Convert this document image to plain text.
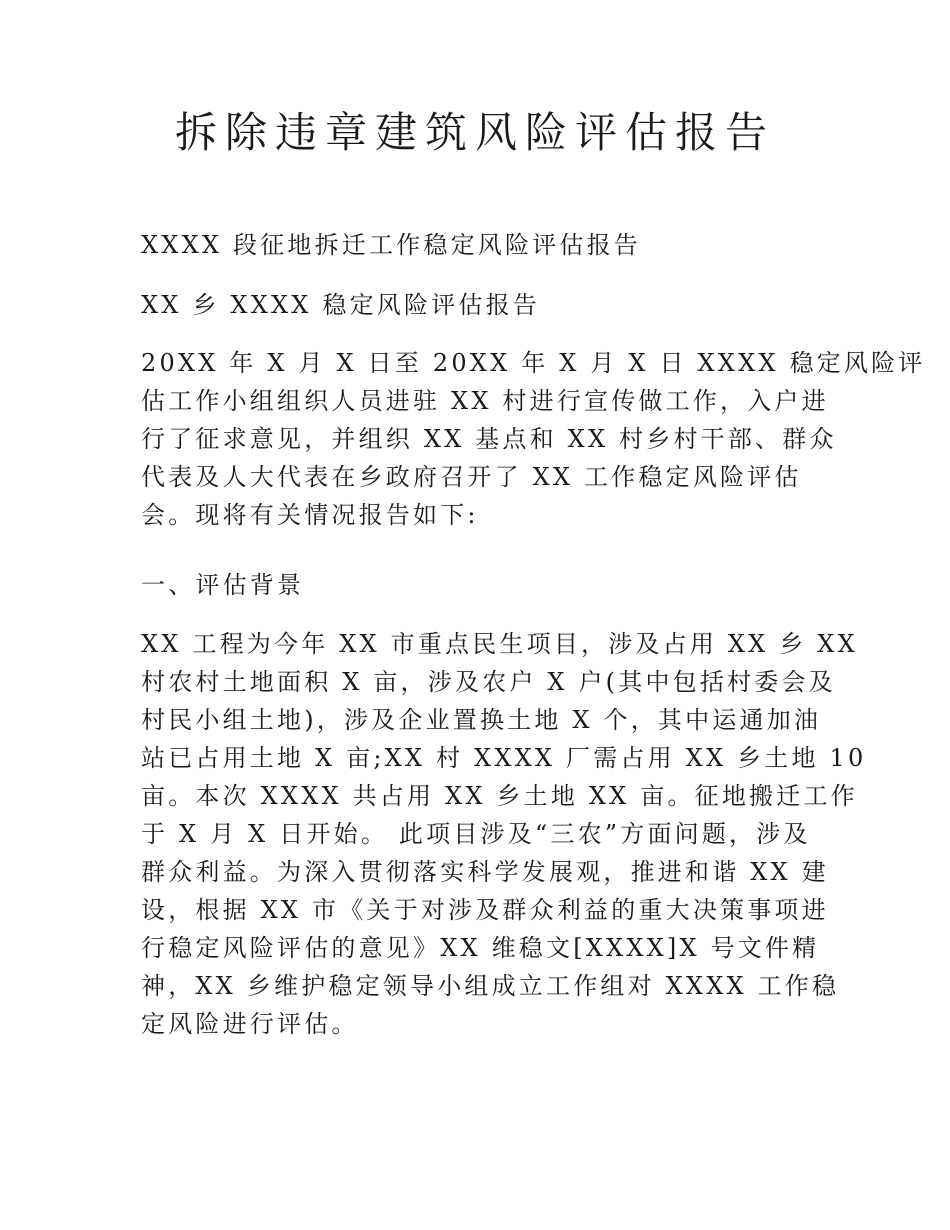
拆除违章建筑风险评估报告

XXXX 段征地拆迁工作稳定风险评估报告

XX 乡 XXXX 稳定风险评估报告

20XX 年 X 月 X 日至 20XX 年 X 月 X 日 XXXX 稳定风险评
估工作小组组织人员进驻 XX 村进行宣传做工作，入户进
行了征求意见，并组织 XX 基点和 XX 村乡村干部、群众
代表及人大代表在乡政府召开了 XX 工作稳定风险评估
会。现将有关情况报告如下:

一、评估背景

XX 工程为今年 XX 市重点民生项目，涉及占用 XX 乡 XX
村农村土地面积 X 亩，涉及农户 X 户(其中包括村委会及
村民小组土地)，涉及企业置换土地 X 个，其中运通加油
站已占用土地 X 亩;XX 村 XXXX 厂需占用 XX 乡土地 10
亩。本次 XXXX 共占用 XX 乡土地 XX 亩。征地搬迁工作
于 X 月 X 日开始。 此项目涉及“三农”方面问题，涉及
群众利益。为深入贯彻落实科学发展观，推进和谐 XX 建
设，根据 XX 市《关于对涉及群众利益的重大决策事项进
行稳定风险评估的意见》XX 维稳文[XXXX]X 号文件精
神，XX 乡维护稳定领导小组成立工作组对 XXXX 工作稳
定风险进行评估。
